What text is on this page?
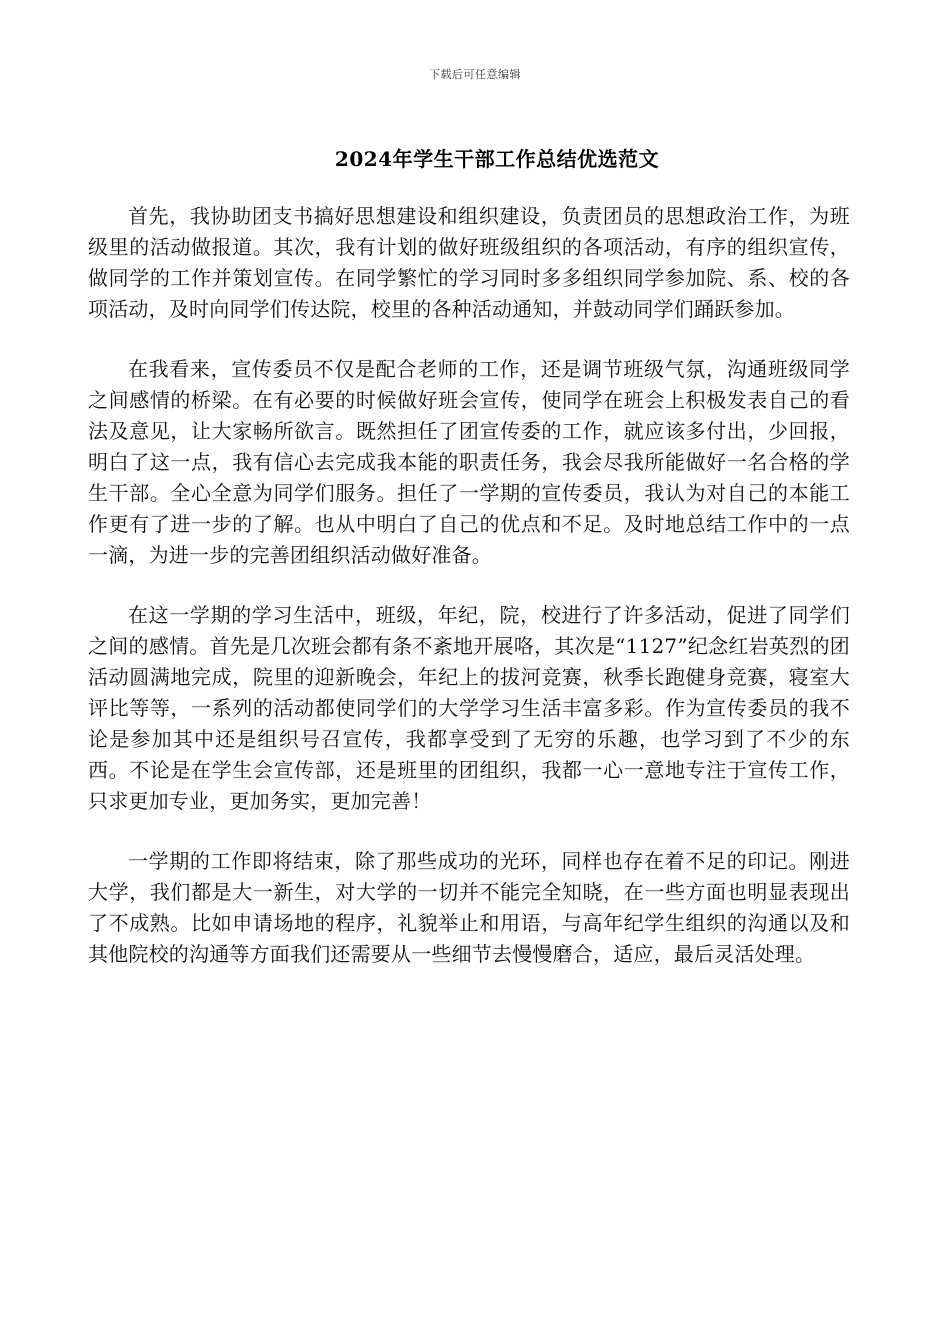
下载后可任意编辑
2024年学生干部工作总结优选范文

首先，我协助团支书搞好思想建设和组织建设，负责团员的思想政治工作，为班级里的活动做报道。其次，我有计划的做好班级组织的各项活动，有序的组织宣传，做同学的工作并策划宣传。在同学繁忙的学习同时多多组织同学参加院、系、校的各项活动，及时向同学们传达院，校里的各种活动通知，并鼓动同学们踊跃参加。

在我看来，宣传委员不仅是配合老师的工作，还是调节班级气氛，沟通班级同学之间感情的桥梁。在有必要的时候做好班会宣传，使同学在班会上积极发表自己的看法及意见，让大家畅所欲言。既然担任了团宣传委的工作，就应该多付出，少回报，明白了这一点，我有信心去完成我本能的职责任务，我会尽我所能做好一名合格的学生干部。全心全意为同学们服务。担任了一学期的宣传委员，我认为对自己的本能工作更有了进一步的了解。也从中明白了自己的优点和不足。及时地总结工作中的一点一滴，为进一步的完善团组织活动做好准备。

在这一学期的学习生活中，班级，年纪，院，校进行了许多活动，促进了同学们之间的感情。首先是几次班会都有条不紊地开展咯，其次是“1127”纪念红岩英烈的团活动圆满地完成，院里的迎新晚会，年纪上的拔河竞赛，秋季长跑健身竞赛，寝室大评比等等，一系列的活动都使同学们的大学学习生活丰富多彩。作为宣传委员的我不论是参加其中还是组织号召宣传，我都享受到了无穷的乐趣，也学习到了不少的东西。不论是在学生会宣传部，还是班里的团组织，我都一心一意地专注于宣传工作，只求更加专业，更加务实，更加完善！

一学期的工作即将结束，除了那些成功的光环，同样也存在着不足的印记。刚进大学，我们都是大一新生，对大学的一切并不能完全知晓，在一些方面也明显表现出了不成熟。比如申请场地的程序，礼貌举止和用语，与高年纪学生组织的沟通以及和其他院校的沟通等方面我们还需要从一些细节去慢慢磨合，适应，最后灵活处理。
